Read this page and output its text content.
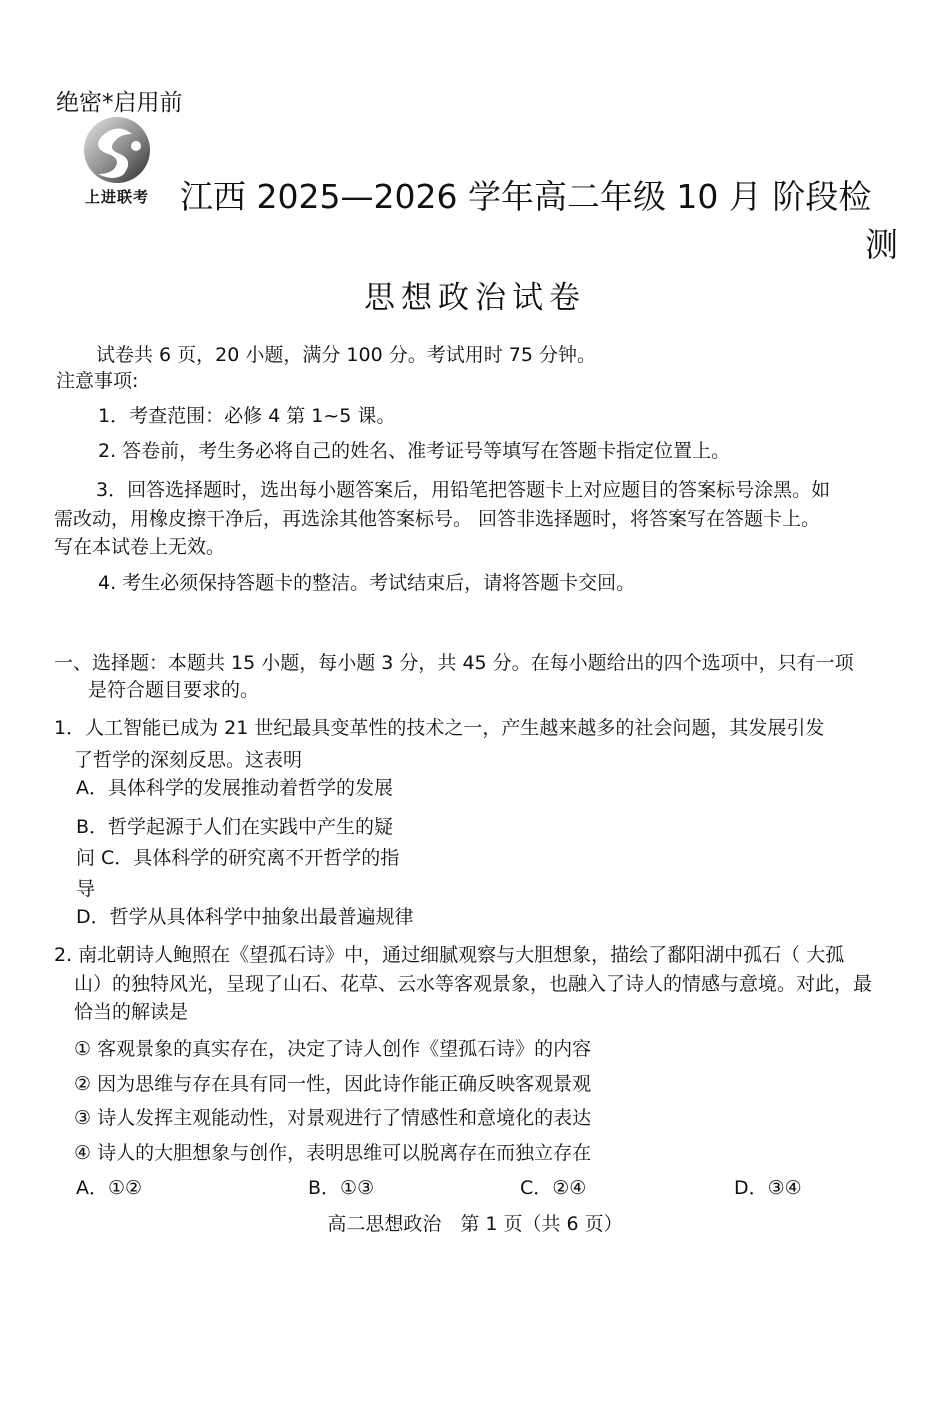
绝密*启用前
上进联考 江西 2025—2026 学年高二年级 10 月 阶段检
测
思想政治试卷
试卷共 6 页，20 小题，满分 100 分。考试用时 75 分钟。
注意事项:
1．考查范围：必修 4 第 1~5 课。
2. 答卷前，考生务必将自己的姓名、准考证号等填写在答题卡指定位置上。
3．回答选择题时，选出每小题答案后，用铅笔把答题卡上对应题目的答案标号涂黑。如
需改动，用橡皮擦干净后，再选涂其他答案标号。 回答非选择题时，将答案写在答题卡上。
写在本试卷上无效。
4. 考生必须保持答题卡的整洁。考试结束后，请将答题卡交回。
一、选择题：本题共 15 小题，每小题 3 分，共 45 分。在每小题给出的四个选项中，只有一项
是符合题目要求的。
1．人工智能已成为 21 世纪最具变革性的技术之一，产生越来越多的社会问题，其发展引发
了哲学的深刻反思。这表明
A．具体科学的发展推动着哲学的发展
B．哲学起源于人们在实践中产生的疑
问 C．具体科学的研究离不开哲学的指
导
D．哲学从具体科学中抽象出最普遍规律
2. 南北朝诗人鲍照在《望孤石诗》中，通过细腻观察与大胆想象，描绘了鄱阳湖中孤石（ 大孤
山）的独特风光，呈现了山石、花草、云水等客观景象，也融入了诗人的情感与意境。对此，最
恰当的解读是
① 客观景象的真实存在，决定了诗人创作《望孤石诗》的内容
② 因为思维与存在具有同一性，因此诗作能正确反映客观景观
③ 诗人发挥主观能动性，对景观进行了情感性和意境化的表达
④ 诗人的大胆想象与创作，表明思维可以脱离存在而独立存在
A．①②	B．①③	C．②④	D．③④
高二思想政治　第 1 页（共 6 页）
